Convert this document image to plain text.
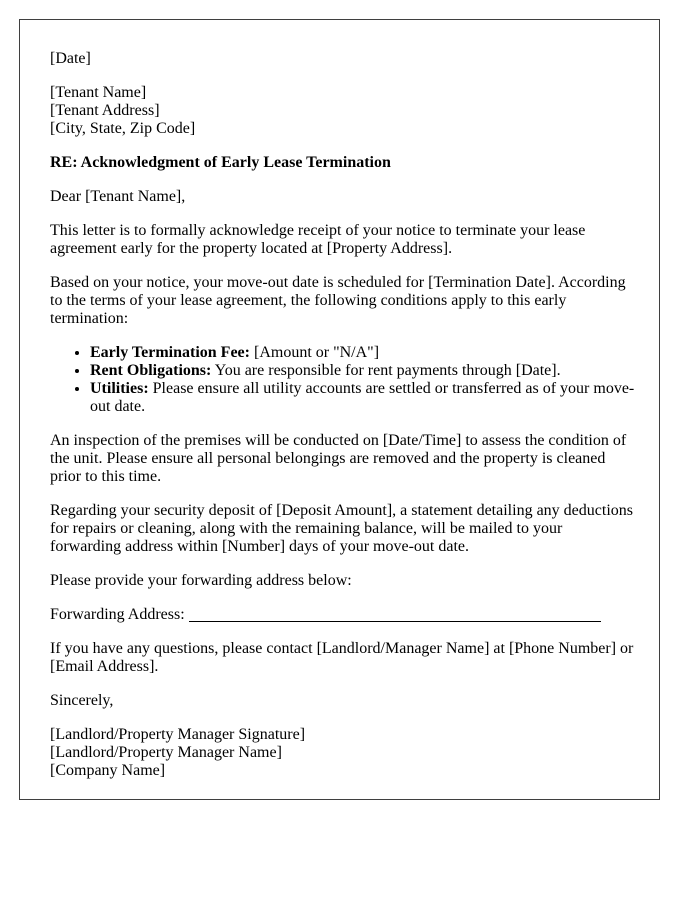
[Date]

[Tenant Name]
[Tenant Address]
[City, State, Zip Code]

RE: Acknowledgment of Early Lease Termination

Dear [Tenant Name],

This letter is to formally acknowledge receipt of your notice to terminate your lease agreement early for the property located at [Property Address].

Based on your notice, your move-out date is scheduled for [Termination Date]. According to the terms of your lease agreement, the following conditions apply to this early termination:

• Early Termination Fee: [Amount or "N/A"]
• Rent Obligations: You are responsible for rent payments through [Date].
• Utilities: Please ensure all utility accounts are settled or transferred as of your move-out date.

An inspection of the premises will be conducted on [Date/Time] to assess the condition of the unit. Please ensure all personal belongings are removed and the property is cleaned prior to this time.

Regarding your security deposit of [Deposit Amount], a statement detailing any deductions for repairs or cleaning, along with the remaining balance, will be mailed to your forwarding address within [Number] days of your move-out date.

Please provide your forwarding address below:

Forwarding Address:

If you have any questions, please contact [Landlord/Manager Name] at [Phone Number] or [Email Address].

Sincerely,

[Landlord/Property Manager Signature]
[Landlord/Property Manager Name]
[Company Name]
